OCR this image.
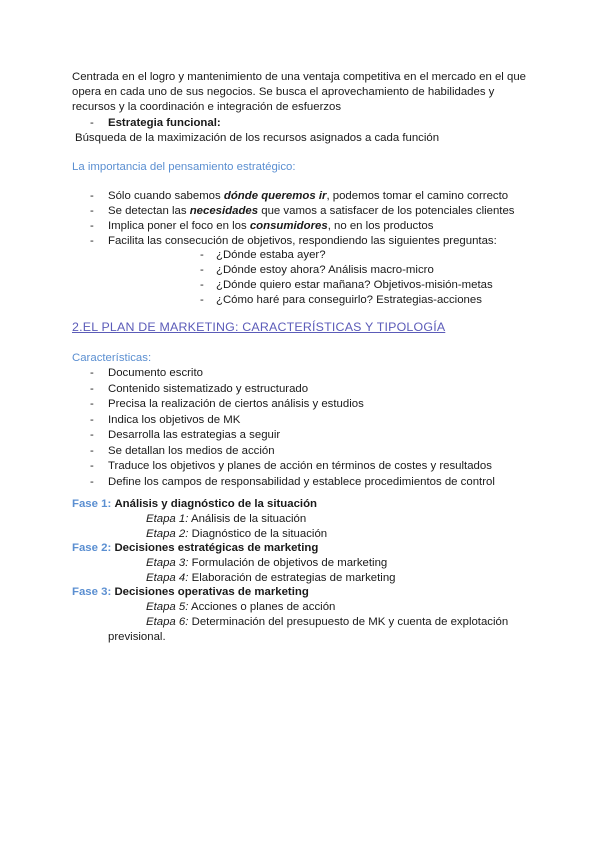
Centrada en el logro y mantenimiento de una ventaja competitiva en el mercado en el que
opera en cada uno de sus negocios. Se busca el aprovechamiento de habilidades y
recursos y la coordinación e integración de esfuerzos
- Estrategia funcional:
Búsqueda de la maximización de los recursos asignados a cada función
La importancia del pensamiento estratégico:
- Sólo cuando sabemos dónde queremos ir, podemos tomar el camino correcto
- Se detectan las necesidades que vamos a satisfacer de los potenciales clientes
- Implica poner el foco en los consumidores, no en los productos
- Facilita las consecución de objetivos, respondiendo las siguientes preguntas:
- ¿Dónde estaba ayer?
- ¿Dónde estoy ahora? Análisis macro-micro
- ¿Dónde quiero estar mañana? Objetivos-misión-metas
- ¿Cómo haré para conseguirlo? Estrategias-acciones
2.EL PLAN DE MARKETING: CARACTERÍSTICAS Y TIPOLOGÍA
Características:
- Documento escrito
- Contenido sistematizado y estructurado
- Precisa la realización de ciertos análisis y estudios
- Indica los objetivos de MK
- Desarrolla las estrategias a seguir
- Se detallan los medios de acción
- Traduce los objetivos y planes de acción en términos de costes y resultados
- Define los campos de responsabilidad y establece procedimientos de control
Fase 1: Análisis y diagnóstico de la situación
Etapa 1: Análisis de la situación
Etapa 2: Diagnóstico de la situación
Fase 2: Decisiones estratégicas de marketing
Etapa 3: Formulación de objetivos de marketing
Etapa 4: Elaboración de estrategias de marketing
Fase 3: Decisiones operativas de marketing
Etapa 5: Acciones o planes de acción
Etapa 6: Determinación del presupuesto de MK y cuenta de explotación
previsional.
